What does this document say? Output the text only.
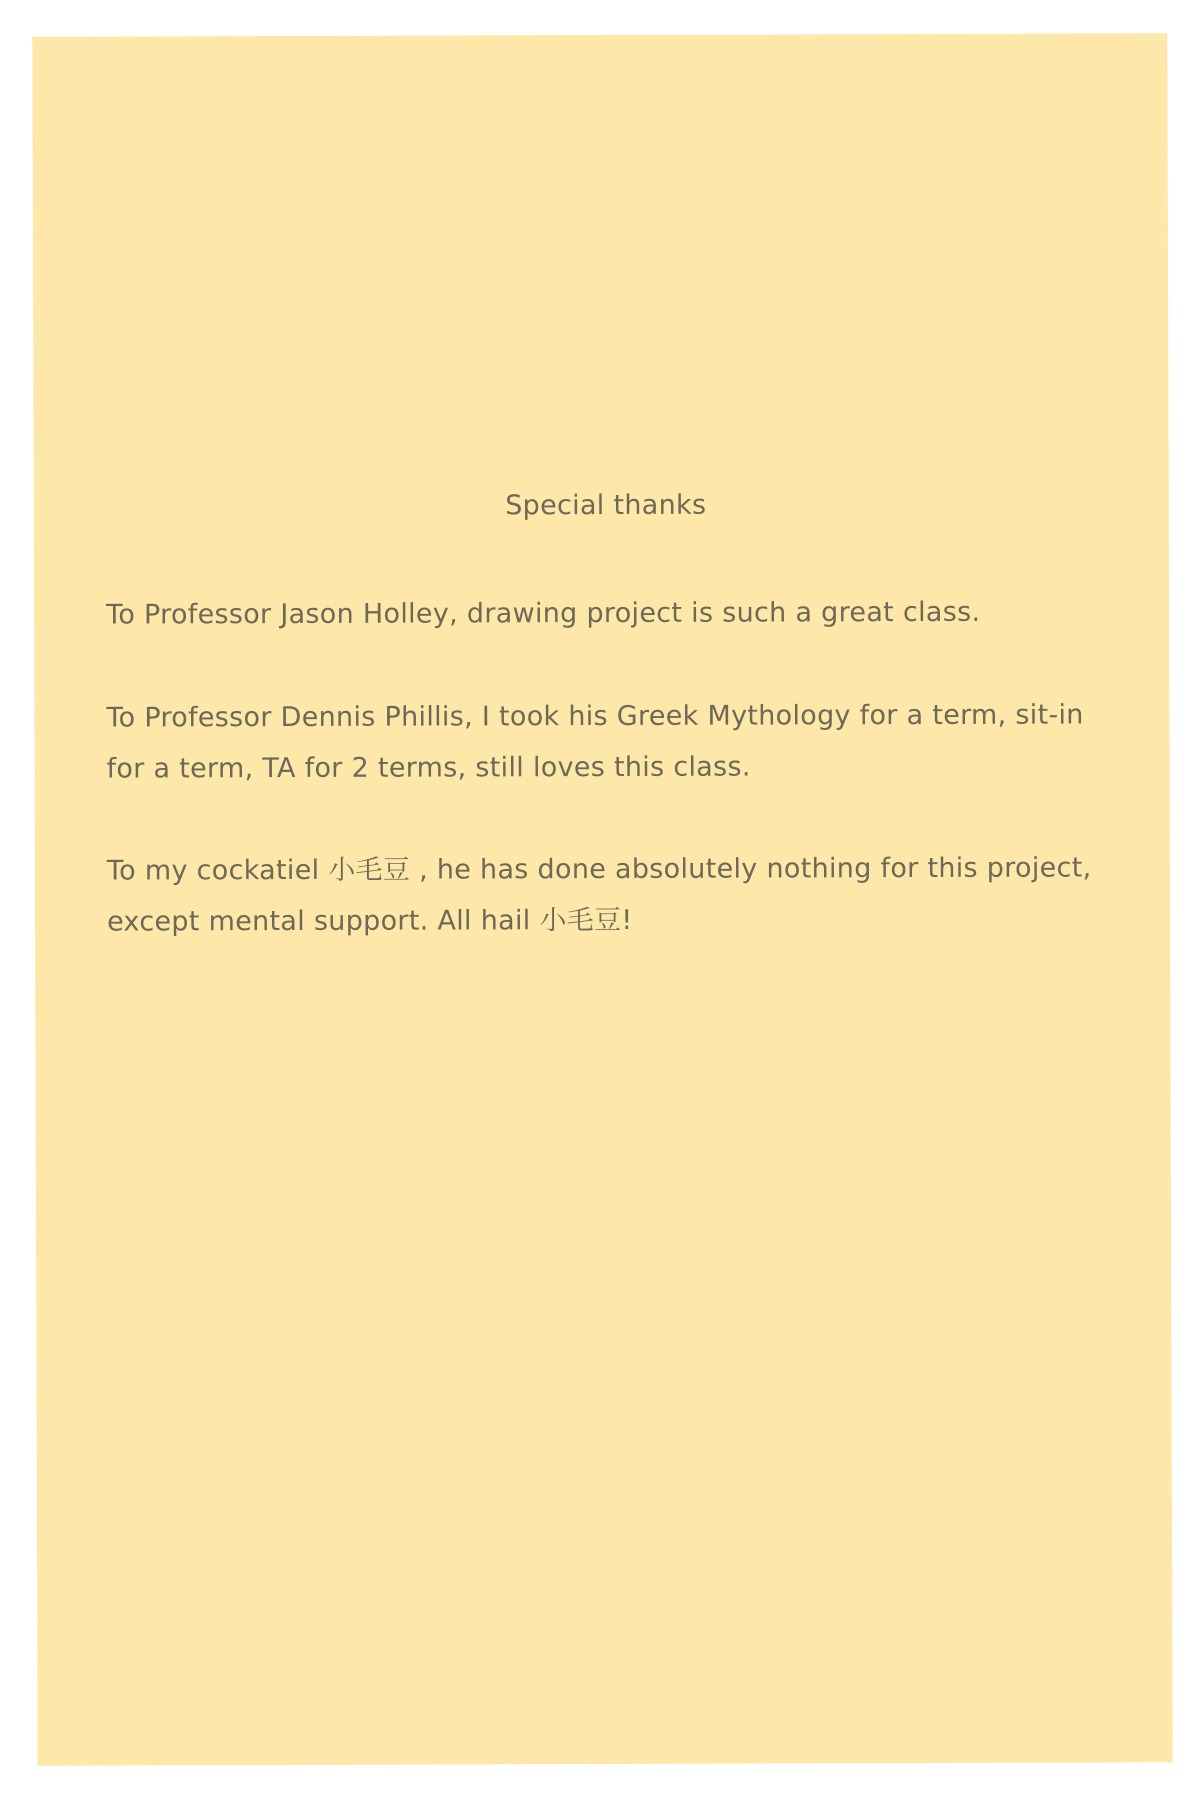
Special thanks

To Professor Jason Holley, drawing project is such a great class.

To Professor Dennis Phillis, I took his Greek Mythology for a term, sit-in for a term, TA for 2 terms, still loves this class.

To my cockatiel 小毛豆 , he has done absolutely nothing for this project, except mental support. All hail 小毛豆!
